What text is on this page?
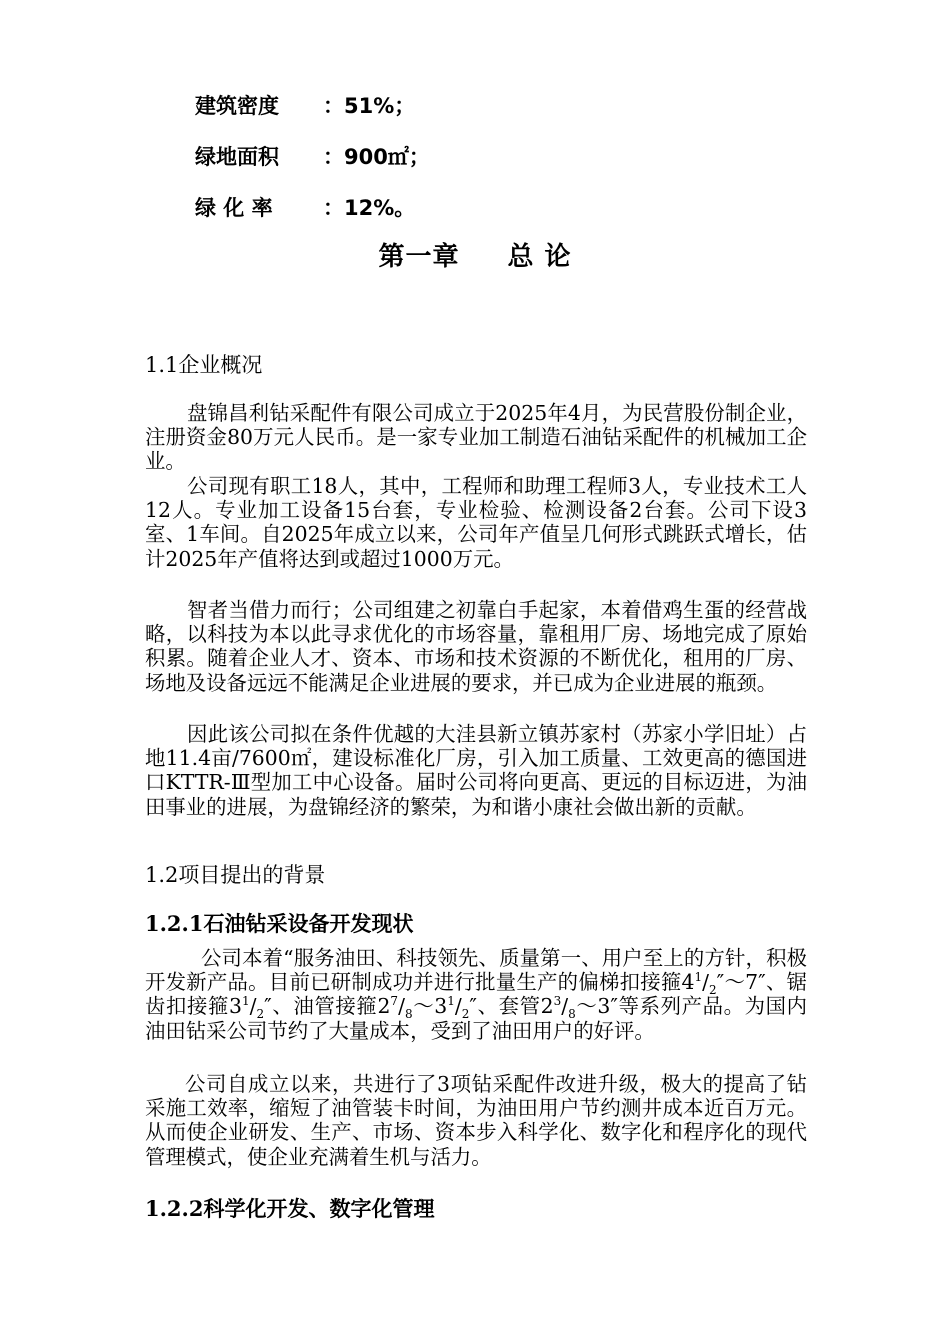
建筑密度 ：51%；
绿地面积 ：900㎡；
绿 化 率 ：12%。
第一章 总 论
1.1企业概况
盘锦昌利钻采配件有限公司成立于2025年4月，为民营股份制企业，注册资金80万元人民币。是一家专业加工制造石油钻采配件的机械加工企业。
公司现有职工18人，其中，工程师和助理工程师3人，专业技术工人12人。专业加工设备15台套，专业检验、检测设备2台套。公司下设3室、1车间。自2025年成立以来，公司年产值呈几何形式跳跃式增长，估计2025年产值将达到或超过1000万元。
智者当借力而行；公司组建之初靠白手起家，本着借鸡生蛋的经营战略，以科技为本以此寻求优化的市场容量，靠租用厂房、场地完成了原始积累。随着企业人才、资本、市场和技术资源的不断优化，租用的厂房、场地及设备远远不能满足企业进展的要求，并已成为企业进展的瓶颈。
因此该公司拟在条件优越的大洼县新立镇苏家村（苏家小学旧址）占地11.4亩/7600㎡，建设标准化厂房，引入加工质量、工效更高的德国进口KTTR-Ⅲ型加工中心设备。届时公司将向更高、更远的目标迈进，为油田事业的进展，为盘锦经济的繁荣，为和谐小康社会做出新的贡献。
1.2项目提出的背景
1.2.1石油钻采设备开发现状
公司本着“服务油田、科技领先、质量第一、用户至上的方针，积极开发新产品。目前已研制成功并进行批量生产的偏梯扣接箍$4^1/_2''\sim 7''$、锯齿扣接箍$3^1/_2''$、油管接箍$2^7/_8\sim 3^1/_2''$、套管$2^3/_8\sim 3''$等系列产品。为国内油田钻采公司节约了大量成本，受到了油田用户的好评。
公司自成立以来，共进行了3项钻采配件改进升级，极大的提高了钻采施工效率，缩短了油管装卡时间，为油田用户节约测井成本近百万元。从而使企业研发、生产、市场、资本步入科学化、数字化和程序化的现代管理模式，使企业充满着生机与活力。
1.2.2科学化开发、数字化管理
